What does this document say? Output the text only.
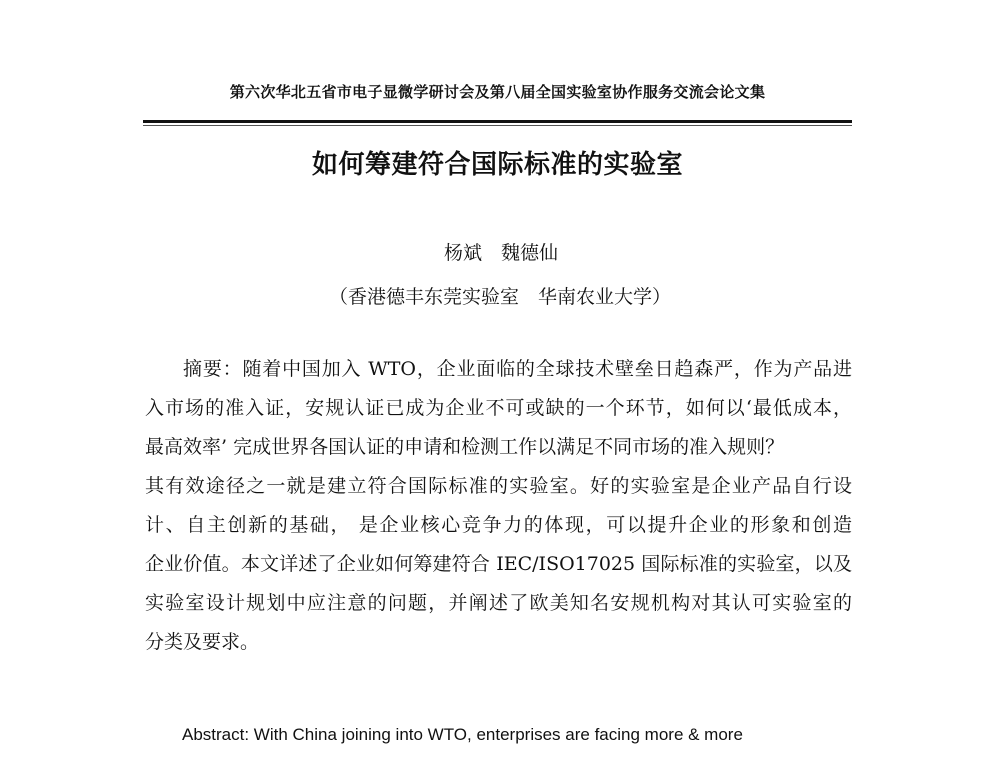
第六次华北五省市电子显微学研讨会及第八届全国实验室协作服务交流会论文集
如何筹建符合国际标准的实验室
杨斌　魏德仙
（香港德丰东莞实验室　华南农业大学）
摘要：随着中国加入 WTO，企业面临的全球技术壁垒日趋森严，作为产品进
入市场的准入证，安规认证已成为企业不可或缺的一个环节，如何以‘最低成本，
最高效率’ 完成世界各国认证的申请和检测工作以满足不同市场的准入规则？
其有效途径之一就是建立符合国际标准的实验室。好的实验室是企业产品自行设
计、自主创新的基础， 是企业核心竞争力的体现，可以提升企业的形象和创造
企业价值。本文详述了企业如何筹建符合 IEC/ISO17025 国际标准的实验室，以及
实验室设计规划中应注意的问题，并阐述了欧美知名安规机构对其认可实验室的
分类及要求。
Abstract: With China joining into WTO, enterprises are facing more & more
